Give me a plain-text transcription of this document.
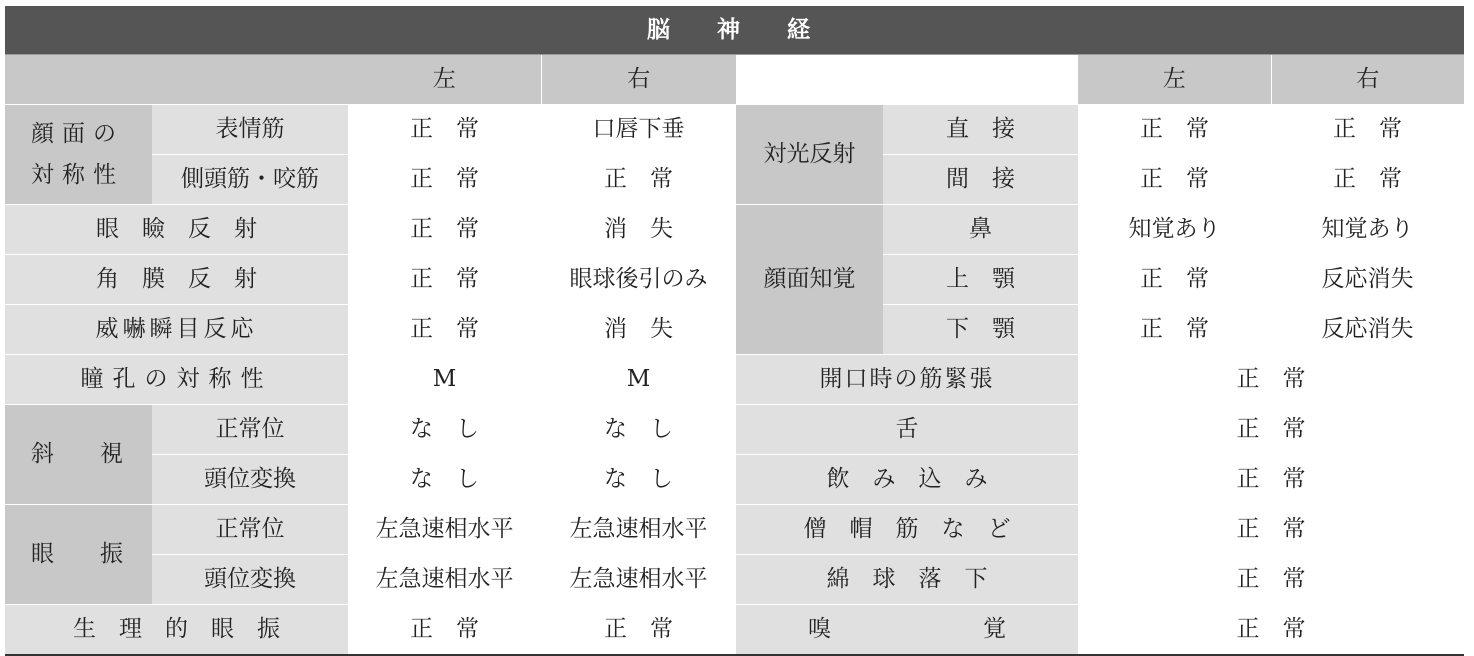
脳　神　経							
		左	右			左	右
顔面の
対称性	表情筋	正　常	口唇下垂	対光反射	直　接	正　常	正　常
	側頭筋・咬筋	正　常	正　常		間　接	正　常	正　常
眼　瞼　反　射		正　常	消　失	顔面知覚	鼻	知覚あり	知覚あり
角　膜　反　射		正　常	眼球後引のみ		上　顎	正　常	反応消失
威嚇瞬目反応		正　常	消　失		下　顎	正　常	反応消失
瞳孔の対称性		M	M	開口時の筋緊張		正　常	
斜　　視	正常位	な　し	な　し	舌		正　常	
	頭位変換	な　し	な　し	飲　み　込　み		正　常	
眼　　振	正常位	左急速相水平	左急速相水平	僧　帽　筋　な　ど		正　常	
	頭位変換	左急速相水平	左急速相水平	綿　球　落　下		正　常	
生　理　的　眼　振		正　常	正　常	嗅 覚		正　常	
